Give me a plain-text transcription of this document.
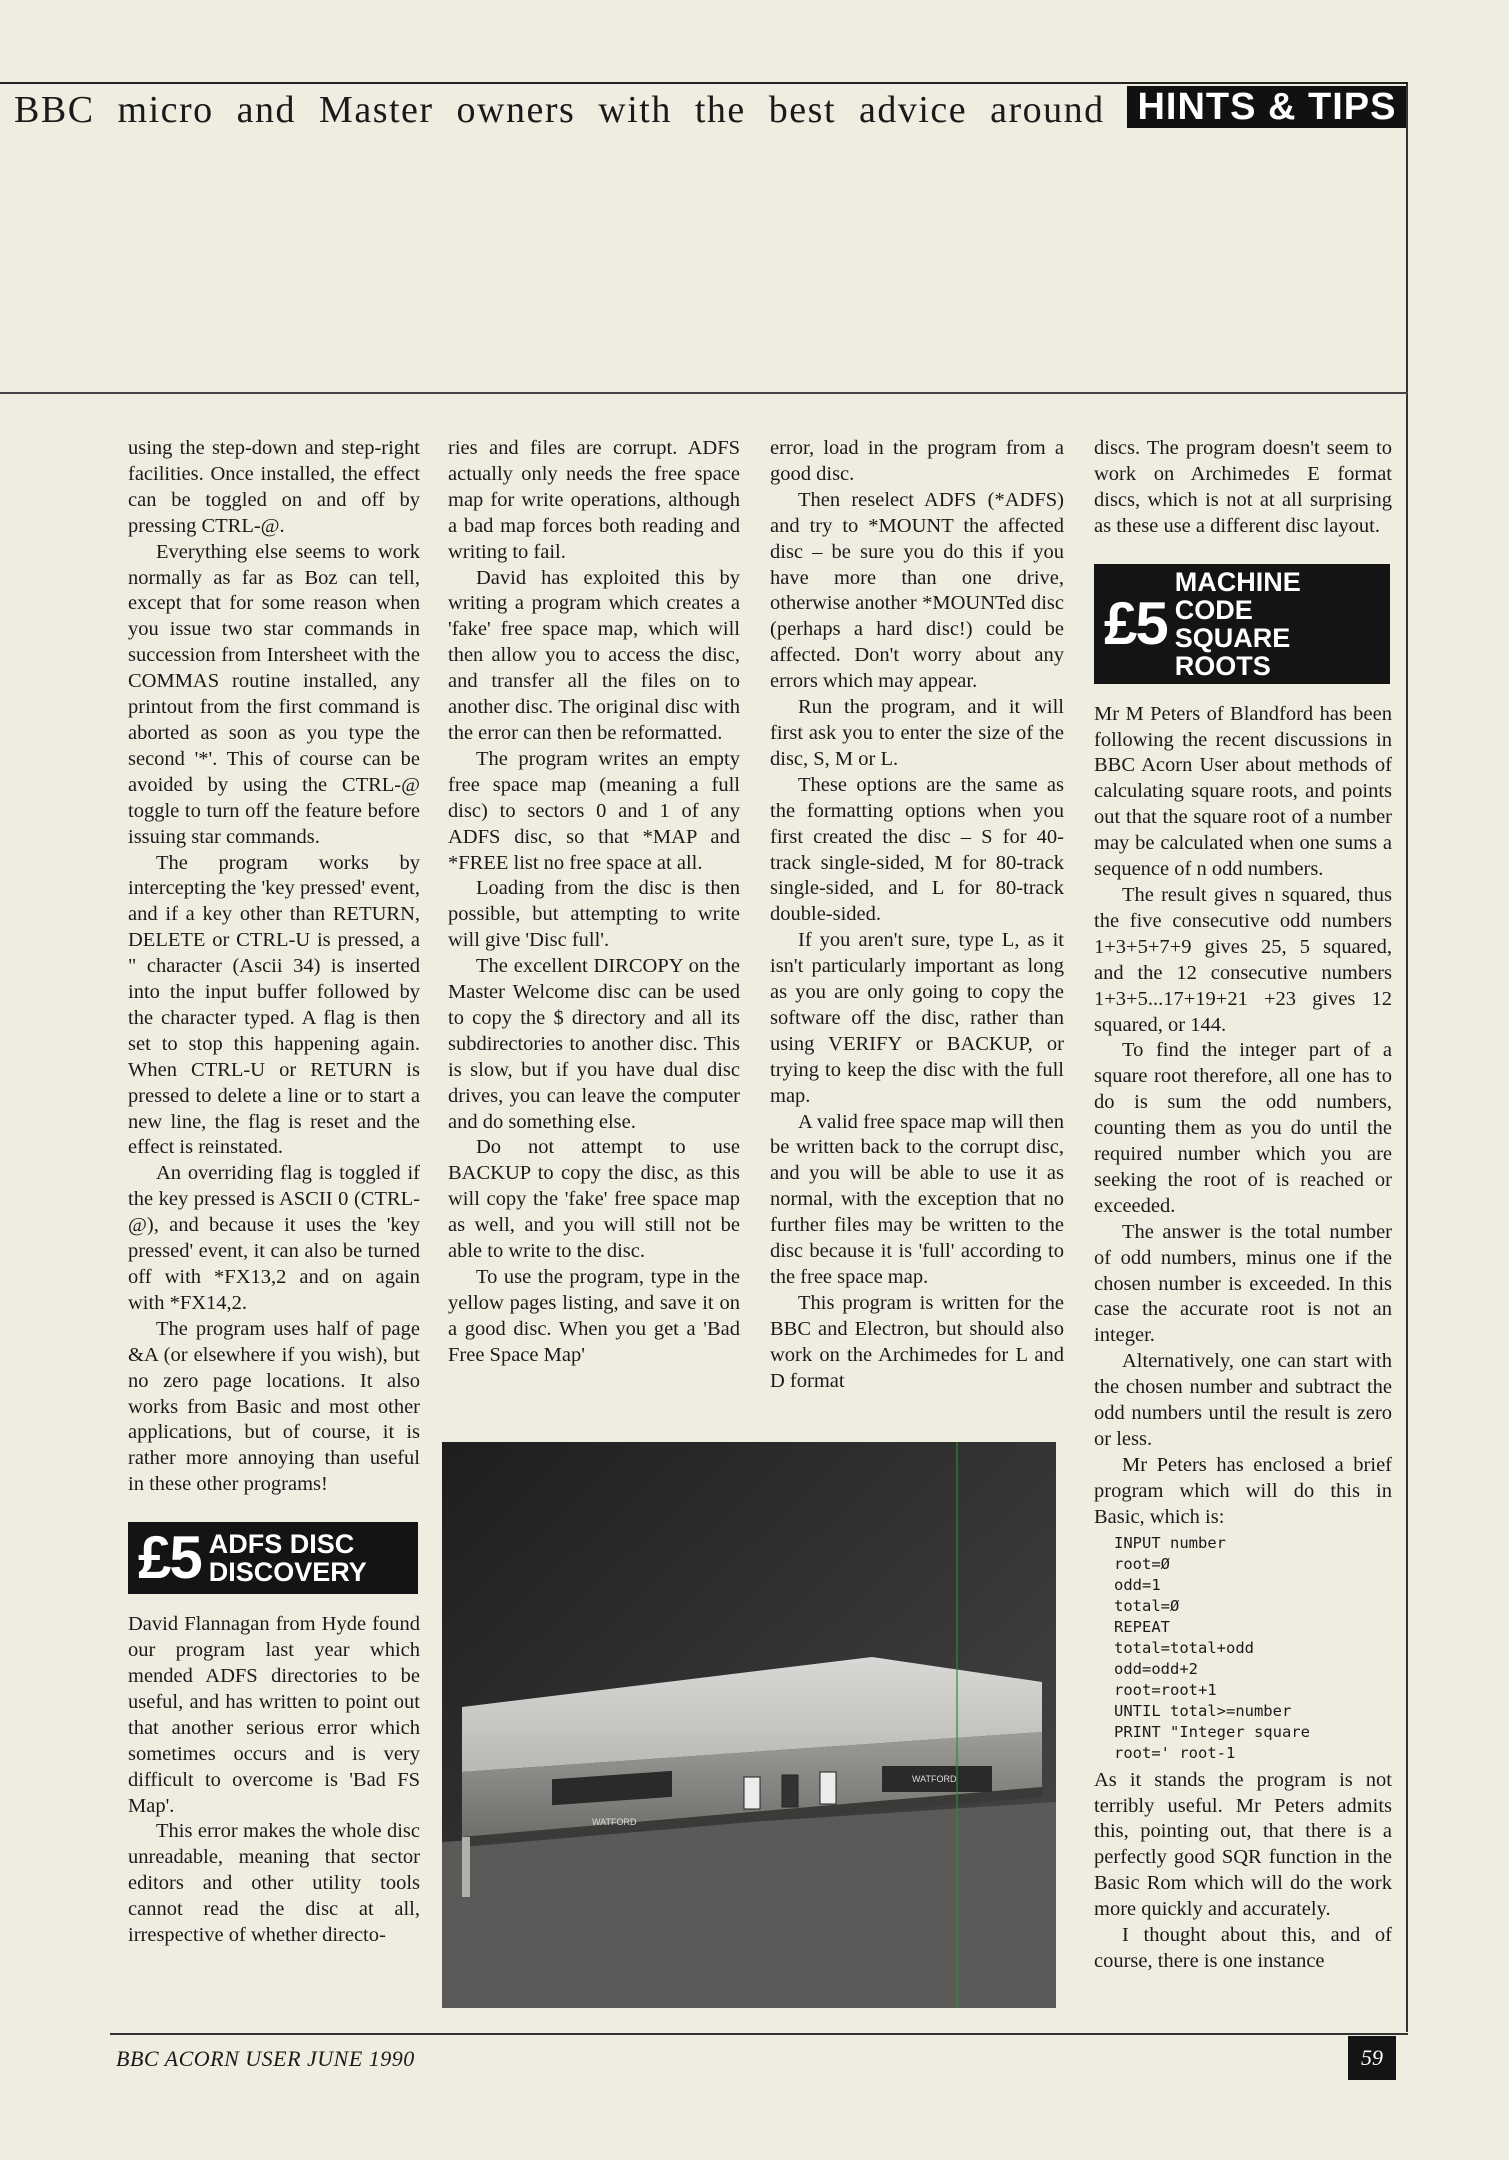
BBC micro and Master owners with the best advice around HINTS & TIPS

using the step-down and step-right facilities. Once installed, the effect can be toggled on and off by pressing CTRL-@.

Everything else seems to work normally as far as Boz can tell, except that for some reason when you issue two star commands in succession from Intersheet with the COMMAS routine installed, any printout from the first command is aborted as soon as you type the second '*'. This of course can be avoided by using the CTRL-@ toggle to turn off the feature before issuing star commands.

The program works by intercepting the 'key pressed' event, and if a key other than RETURN, DELETE or CTRL-U is pressed, a " character (Ascii 34) is inserted into the input buffer followed by the character typed. A flag is then set to stop this happening again. When CTRL-U or RETURN is pressed to delete a line or to start a new line, the flag is reset and the effect is reinstated.

An overriding flag is toggled if the key pressed is ASCII 0 (CTRL-@), and because it uses the 'key pressed' event, it can also be turned off with *FX13,2 and on again with *FX14,2.

The program uses half of page &A (or elsewhere if you wish), but no zero page locations. It also works from Basic and most other applications, but of course, it is rather more annoying than useful in these other programs!

£5 ADFS DISC
DISCOVERY

David Flannagan from Hyde found our program last year which mended ADFS directories to be useful, and has written to point out that another serious error which sometimes occurs and is very difficult to overcome is 'Bad FS Map'.

This error makes the whole disc unreadable, meaning that sector editors and other utility tools cannot read the disc at all, irrespective of whether directo-

ries and files are corrupt. ADFS actually only needs the free space map for write operations, although a bad map forces both reading and writing to fail.

David has exploited this by writing a program which creates a 'fake' free space map, which will then allow you to access the disc, and transfer all the files on to another disc. The original disc with the error can then be reformatted.

The program writes an empty free space map (meaning a full disc) to sectors 0 and 1 of any ADFS disc, so that *MAP and *FREE list no free space at all.

Loading from the disc is then possible, but attempting to write will give 'Disc full'.

The excellent DIRCOPY on the Master Welcome disc can be used to copy the $ directory and all its subdirectories to another disc. This is slow, but if you have dual disc drives, you can leave the computer and do something else.

Do not attempt to use BACKUP to copy the disc, as this will copy the 'fake' free space map as well, and you will still not be able to write to the disc.

To use the program, type in the yellow pages listing, and save it on a good disc. When you get a 'Bad Free Space Map'

error, load in the program from a good disc.

Then reselect ADFS (*ADFS) and try to *MOUNT the affected disc – be sure you do this if you have more than one drive, otherwise another *MOUNTed disc (perhaps a hard disc!) could be affected. Don't worry about any errors which may appear.

Run the program, and it will first ask you to enter the size of the disc, S, M or L.

These options are the same as the formatting options when you first created the disc – S for 40-track single-sided, M for 80-track single-sided, and L for 80-track double-sided.

If you aren't sure, type L, as it isn't particularly important as long as you are only going to copy the software off the disc, rather than using VERIFY or BACKUP, or trying to keep the disc with the full map.

A valid free space map will then be written back to the corrupt disc, and you will be able to use it as normal, with the exception that no further files may be written to the disc because it is 'full' according to the free space map.

This program is written for the BBC and Electron, but should also work on the Archimedes for L and D format

discs. The program doesn't seem to work on Archimedes E format discs, which is not at all surprising as these use a different disc layout.

£5
MACHINE CODE
SQUARE ROOTS

Mr M Peters of Blandford has been following the recent discussions in BBC Acorn User about methods of calculating square roots, and points out that the square root of a number may be calculated when one sums a sequence of n odd numbers.

The result gives n squared, thus the five consecutive odd numbers 1+3+5+7+9 gives 25, 5 squared, and the 12 consecutive numbers 1+3+5...17+19+21 +23 gives 12 squared, or 144.

To find the integer part of a square root therefore, all one has to do is sum the odd numbers, counting them as you do until the required number which you are seeking the root of is reached or exceeded.

The answer is the total number of odd numbers, minus one if the chosen number is exceeded. In this case the accurate root is not an integer.

Alternatively, one can start with the chosen number and subtract the odd numbers until the result is zero or less.

Mr Peters has enclosed a brief program which will do this in Basic, which is:

INPUT number
root=Ø
odd=1
total=Ø
REPEAT
total=total+odd
odd=odd+2
root=root+1
UNTIL total>=number
PRINT "Integer square
root=' root-1

As it stands the program is not terribly useful. Mr Peters admits this, pointing out, that there is a perfectly good SQR function in the Basic Rom which will do the work more quickly and accurately.

I thought about this, and of course, there is one instance

WATFORD
WATFORD
BBC ACORN USER JUNE 1990	59
